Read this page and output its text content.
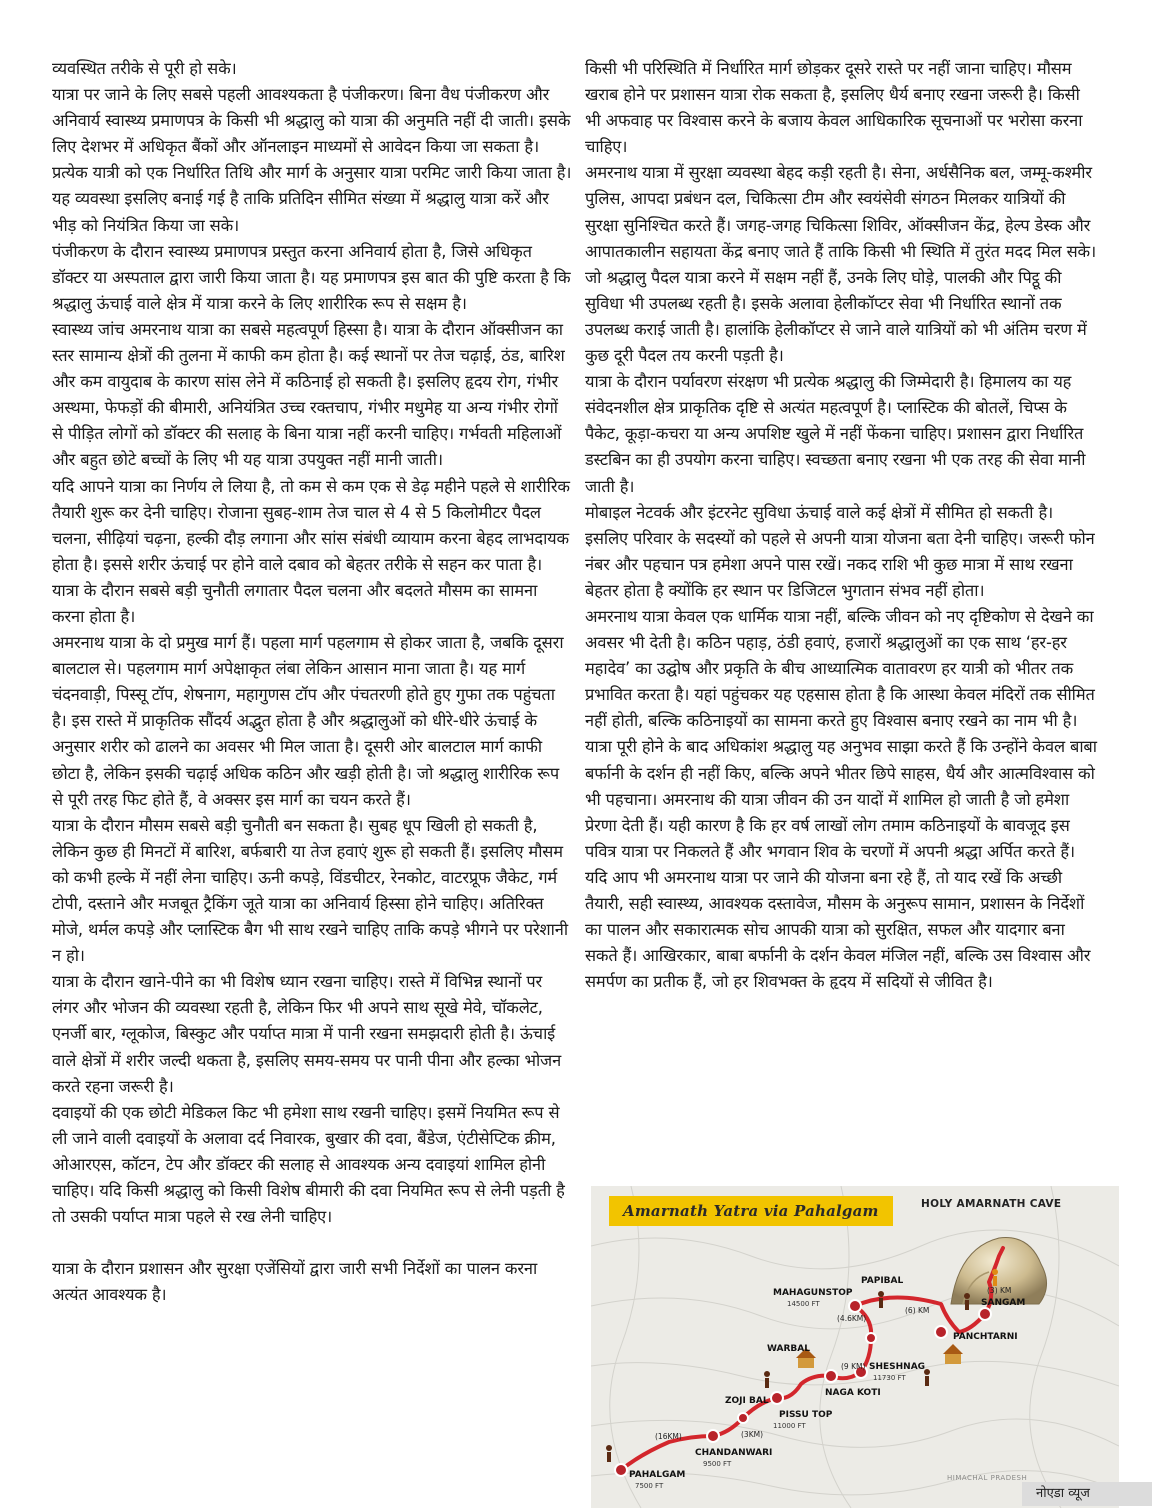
व्यवस्थित तरीके से पूरी हो सके।

यात्रा पर जाने के लिए सबसे पहली आवश्यकता है पंजीकरण। बिना वैध पंजीकरण और अनिवार्य स्वास्थ्य प्रमाणपत्र के किसी भी श्रद्धालु को यात्रा की अनुमति नहीं दी जाती। इसके लिए देशभर में अधिकृत बैंकों और ऑनलाइन माध्यमों से आवेदन किया जा सकता है। प्रत्येक यात्री को एक निर्धारित तिथि और मार्ग के अनुसार यात्रा परमिट जारी किया जाता है। यह व्यवस्था इसलिए बनाई गई है ताकि प्रतिदिन सीमित संख्या में श्रद्धालु यात्रा करें और भीड़ को नियंत्रित किया जा सके।

पंजीकरण के दौरान स्वास्थ्य प्रमाणपत्र प्रस्तुत करना अनिवार्य होता है, जिसे अधिकृत डॉक्टर या अस्पताल द्वारा जारी किया जाता है। यह प्रमाणपत्र इस बात की पुष्टि करता है कि श्रद्धालु ऊंचाई वाले क्षेत्र में यात्रा करने के लिए शारीरिक रूप से सक्षम है।

स्वास्थ्य जांच अमरनाथ यात्रा का सबसे महत्वपूर्ण हिस्सा है। यात्रा के दौरान ऑक्सीजन का स्तर सामान्य क्षेत्रों की तुलना में काफी कम होता है। कई स्थानों पर तेज चढ़ाई, ठंड, बारिश और कम वायुदाब के कारण सांस लेने में कठिनाई हो सकती है। इसलिए हृदय रोग, गंभीर अस्थमा, फेफड़ों की बीमारी, अनियंत्रित उच्च रक्तचाप, गंभीर मधुमेह या अन्य गंभीर रोगों से पीड़ित लोगों को डॉक्टर की सलाह के बिना यात्रा नहीं करनी चाहिए। गर्भवती महिलाओं और बहुत छोटे बच्चों के लिए भी यह यात्रा उपयुक्त नहीं मानी जाती।

यदि आपने यात्रा का निर्णय ले लिया है, तो कम से कम एक से डेढ़ महीने पहले से शारीरिक तैयारी शुरू कर देनी चाहिए। रोजाना सुबह-शाम तेज चाल से 4 से 5 किलोमीटर पैदल चलना, सीढ़ियां चढ़ना, हल्की दौड़ लगाना और सांस संबंधी व्यायाम करना बेहद लाभदायक होता है। इससे शरीर ऊंचाई पर होने वाले दबाव को बेहतर तरीके से सहन कर पाता है। यात्रा के दौरान सबसे बड़ी चुनौती लगातार पैदल चलना और बदलते मौसम का सामना करना होता है।

अमरनाथ यात्रा के दो प्रमुख मार्ग हैं। पहला मार्ग पहलगाम से होकर जाता है, जबकि दूसरा बालटाल से। पहलगाम मार्ग अपेक्षाकृत लंबा लेकिन आसान माना जाता है। यह मार्ग चंदनवाड़ी, पिस्सू टॉप, शेषनाग, महागुणस टॉप और पंचतरणी होते हुए गुफा तक पहुंचता है। इस रास्ते में प्राकृतिक सौंदर्य अद्भुत होता है और श्रद्धालुओं को धीरे-धीरे ऊंचाई के अनुसार शरीर को ढालने का अवसर भी मिल जाता है। दूसरी ओर बालटाल मार्ग काफी छोटा है, लेकिन इसकी चढ़ाई अधिक कठिन और खड़ी होती है। जो श्रद्धालु शारीरिक रूप से पूरी तरह फिट होते हैं, वे अक्सर इस मार्ग का चयन करते हैं।

यात्रा के दौरान मौसम सबसे बड़ी चुनौती बन सकता है। सुबह धूप खिली हो सकती है, लेकिन कुछ ही मिनटों में बारिश, बर्फबारी या तेज हवाएं शुरू हो सकती हैं। इसलिए मौसम को कभी हल्के में नहीं लेना चाहिए। ऊनी कपड़े, विंडचीटर, रेनकोट, वाटरप्रूफ जैकेट, गर्म टोपी, दस्ताने और मजबूत ट्रैकिंग जूते यात्रा का अनिवार्य हिस्सा होने चाहिए। अतिरिक्त मोजे, थर्मल कपड़े और प्लास्टिक बैग भी साथ रखने चाहिए ताकि कपड़े भीगने पर परेशानी न हो।

यात्रा के दौरान खाने-पीने का भी विशेष ध्यान रखना चाहिए। रास्ते में विभिन्न स्थानों पर लंगर और भोजन की व्यवस्था रहती है, लेकिन फिर भी अपने साथ सूखे मेवे, चॉकलेट, एनर्जी बार, ग्लूकोज, बिस्कुट और पर्याप्त मात्रा में पानी रखना समझदारी होती है। ऊंचाई वाले क्षेत्रों में शरीर जल्दी थकता है, इसलिए समय-समय पर पानी पीना और हल्का भोजन करते रहना जरूरी है।

दवाइयों की एक छोटी मेडिकल किट भी हमेशा साथ रखनी चाहिए। इसमें नियमित रूप से ली जाने वाली दवाइयों के अलावा दर्द निवारक, बुखार की दवा, बैंडेज, एंटीसेप्टिक क्रीम, ओआरएस, कॉटन, टेप और डॉक्टर की सलाह से आवश्यक अन्य दवाइयां शामिल होनी चाहिए। यदि किसी श्रद्धालु को किसी विशेष बीमारी की दवा नियमित रूप से लेनी पड़ती है तो उसकी पर्याप्त मात्रा पहले से रख लेनी चाहिए।

यात्रा के दौरान प्रशासन और सुरक्षा एजेंसियों द्वारा जारी सभी निर्देशों का पालन करना अत्यंत आवश्यक है।

किसी भी परिस्थिति में निर्धारित मार्ग छोड़कर दूसरे रास्ते पर नहीं जाना चाहिए। मौसम खराब होने पर प्रशासन यात्रा रोक सकता है, इसलिए धैर्य बनाए रखना जरूरी है। किसी भी अफवाह पर विश्वास करने के बजाय केवल आधिकारिक सूचनाओं पर भरोसा करना चाहिए।

अमरनाथ यात्रा में सुरक्षा व्यवस्था बेहद कड़ी रहती है। सेना, अर्धसैनिक बल, जम्मू-कश्मीर पुलिस, आपदा प्रबंधन दल, चिकित्सा टीम और स्वयंसेवी संगठन मिलकर यात्रियों की सुरक्षा सुनिश्चित करते हैं। जगह-जगह चिकित्सा शिविर, ऑक्सीजन केंद्र, हेल्प डेस्क और आपातकालीन सहायता केंद्र बनाए जाते हैं ताकि किसी भी स्थिति में तुरंत मदद मिल सके।

जो श्रद्धालु पैदल यात्रा करने में सक्षम नहीं हैं, उनके लिए घोड़े, पालकी और पिट्ठू की सुविधा भी उपलब्ध रहती है। इसके अलावा हेलीकॉप्टर सेवा भी निर्धारित स्थानों तक उपलब्ध कराई जाती है। हालांकि हेलीकॉप्टर से जाने वाले यात्रियों को भी अंतिम चरण में कुछ दूरी पैदल तय करनी पड़ती है।

यात्रा के दौरान पर्यावरण संरक्षण भी प्रत्येक श्रद्धालु की जिम्मेदारी है। हिमालय का यह संवेदनशील क्षेत्र प्राकृतिक दृष्टि से अत्यंत महत्वपूर्ण है। प्लास्टिक की बोतलें, चिप्स के पैकेट, कूड़ा-कचरा या अन्य अपशिष्ट खुले में नहीं फेंकना चाहिए। प्रशासन द्वारा निर्धारित डस्टबिन का ही उपयोग करना चाहिए। स्वच्छता बनाए रखना भी एक तरह की सेवा मानी जाती है।

मोबाइल नेटवर्क और इंटरनेट सुविधा ऊंचाई वाले कई क्षेत्रों में सीमित हो सकती है। इसलिए परिवार के सदस्यों को पहले से अपनी यात्रा योजना बता देनी चाहिए। जरूरी फोन नंबर और पहचान पत्र हमेशा अपने पास रखें। नकद राशि भी कुछ मात्रा में साथ रखना बेहतर होता है क्योंकि हर स्थान पर डिजिटल भुगतान संभव नहीं होता।

अमरनाथ यात्रा केवल एक धार्मिक यात्रा नहीं, बल्कि जीवन को नए दृष्टिकोण से देखने का अवसर भी देती है। कठिन पहाड़, ठंडी हवाएं, हजारों श्रद्धालुओं का एक साथ ‘हर-हर महादेव’ का उद्घोष और प्रकृति के बीच आध्यात्मिक वातावरण हर यात्री को भीतर तक प्रभावित करता है। यहां पहुंचकर यह एहसास होता है कि आस्था केवल मंदिरों तक सीमित नहीं होती, बल्कि कठिनाइयों का सामना करते हुए विश्वास बनाए रखने का नाम भी है।

यात्रा पूरी होने के बाद अधिकांश श्रद्धालु यह अनुभव साझा करते हैं कि उन्होंने केवल बाबा बर्फानी के दर्शन ही नहीं किए, बल्कि अपने भीतर छिपे साहस, धैर्य और आत्मविश्वास को भी पहचाना। अमरनाथ की यात्रा जीवन की उन यादों में शामिल हो जाती है जो हमेशा प्रेरणा देती हैं। यही कारण है कि हर वर्ष लाखों लोग तमाम कठिनाइयों के बावजूद इस पवित्र यात्रा पर निकलते हैं और भगवान शिव के चरणों में अपनी श्रद्धा अर्पित करते हैं।

यदि आप भी अमरनाथ यात्रा पर जाने की योजना बना रहे हैं, तो याद रखें कि अच्छी तैयारी, सही स्वास्थ्य, आवश्यक दस्तावेज, मौसम के अनुरूप सामान, प्रशासन के निर्देशों का पालन और सकारात्मक सोच आपकी यात्रा को सुरक्षित, सफल और यादगार बना सकते हैं। आखिरकार, बाबा बर्फानी के दर्शन केवल मंजिल नहीं, बल्कि उस विश्वास और समर्पण का प्रतीक हैं, जो हर शिवभक्त के हृदय में सदियों से जीवित है।

Amarnath Yatra via Pahalgam	HOLY AMARNATH CAVE
PAHALGAM
7500 FT
CHANDANWARI
9500 FT
PISSU TOP
11000 FT
ZOJI BAL
NAGA KOTI
WARBAL
SHESHNAG
11730 FT
MAHAGUNSTOP
14500 FT
PAPIBAL
PANCHTARNI
SANGAM
(16KM)	(3KM)
(9 KM)
(4.6KM)
(6) KM
(3) KM
HIMACHAL PRADESH
नोएडा व्यूज
